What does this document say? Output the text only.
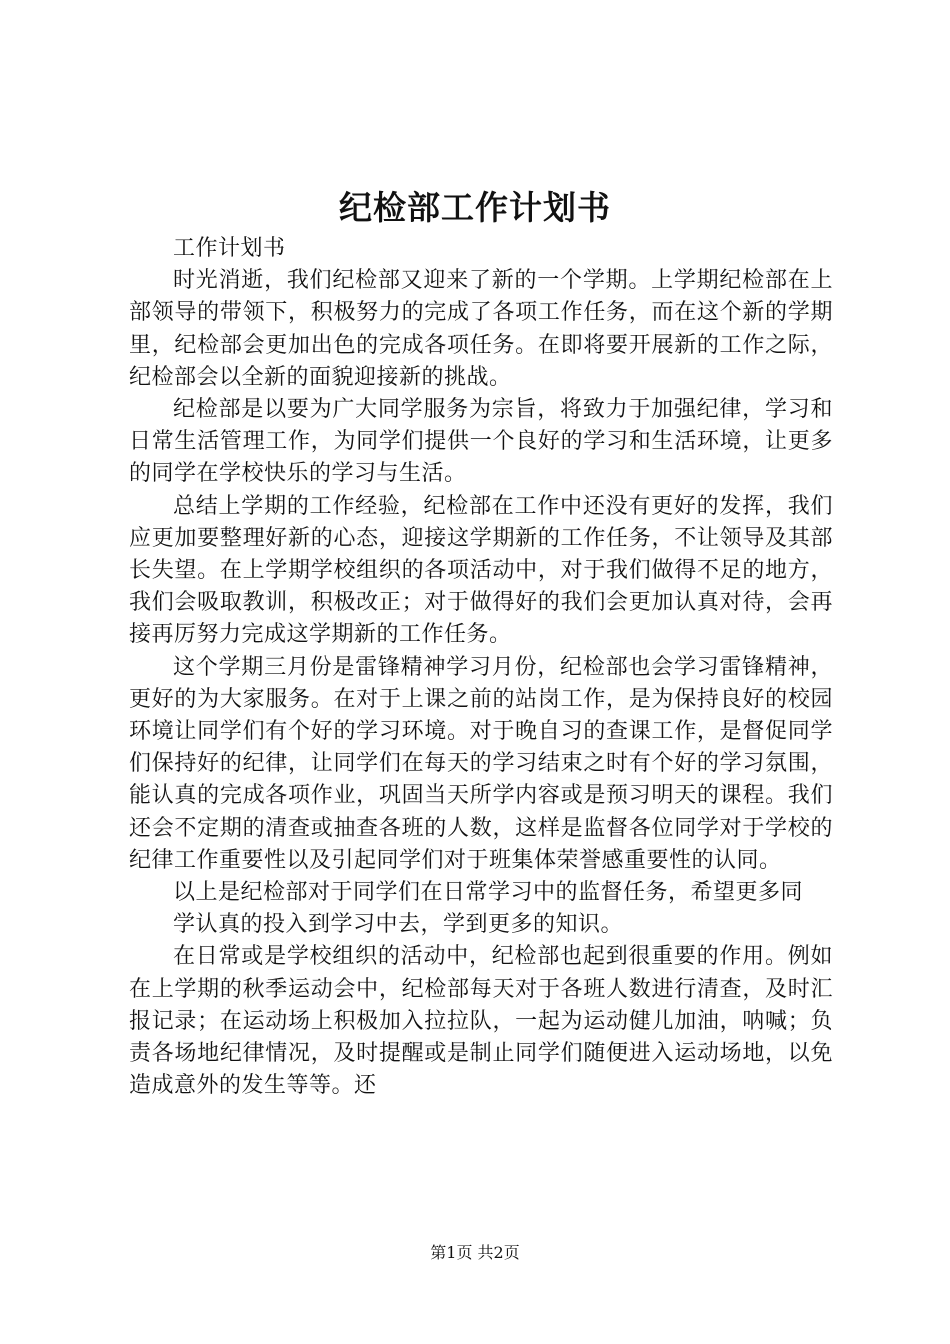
纪检部工作计划书

工作计划书

时光消逝，我们纪检部又迎来了新的一个学期。上学期纪检部在上部领导的带领下，积极努力的完成了各项工作任务，而在这个新的学期里，纪检部会更加出色的完成各项任务。在即将要开展新的工作之际，纪检部会以全新的面貌迎接新的挑战。

纪检部是以要为广大同学服务为宗旨，将致力于加强纪律，学习和日常生活管理工作，为同学们提供一个良好的学习和生活环境，让更多的同学在学校快乐的学习与生活。

总结上学期的工作经验，纪检部在工作中还没有更好的发挥，我们应更加要整理好新的心态，迎接这学期新的工作任务，不让领导及其部长失望。在上学期学校组织的各项活动中，对于我们做得不足的地方，我们会吸取教训，积极改正；对于做得好的我们会更加认真对待，会再接再厉努力完成这学期新的工作任务。

这个学期三月份是雷锋精神学习月份，纪检部也会学习雷锋精神，更好的为大家服务。在对于上课之前的站岗工作，是为保持良好的校园环境让同学们有个好的学习环境。对于晚自习的查课工作，是督促同学们保持好的纪律，让同学们在每天的学习结束之时有个好的学习氛围，能认真的完成各项作业，巩固当天所学内容或是预习明天的课程。我们还会不定期的清查或抽查各班的人数，这样是监督各位同学对于学校的纪律工作重要性以及引起同学们对于班集体荣誉感重要性的认同。

以上是纪检部对于同学们在日常学习中的监督任务，希望更多同

学认真的投入到学习中去，学到更多的知识。

在日常或是学校组织的活动中，纪检部也起到很重要的作用。例如在上学期的秋季运动会中，纪检部每天对于各班人数进行清查，及时汇报记录；在运动场上积极加入拉拉队，一起为运动健儿加油，呐喊；负责各场地纪律情况，及时提醒或是制止同学们随便进入运动场地，以免造成意外的发生等等。还

第1页 共2页
